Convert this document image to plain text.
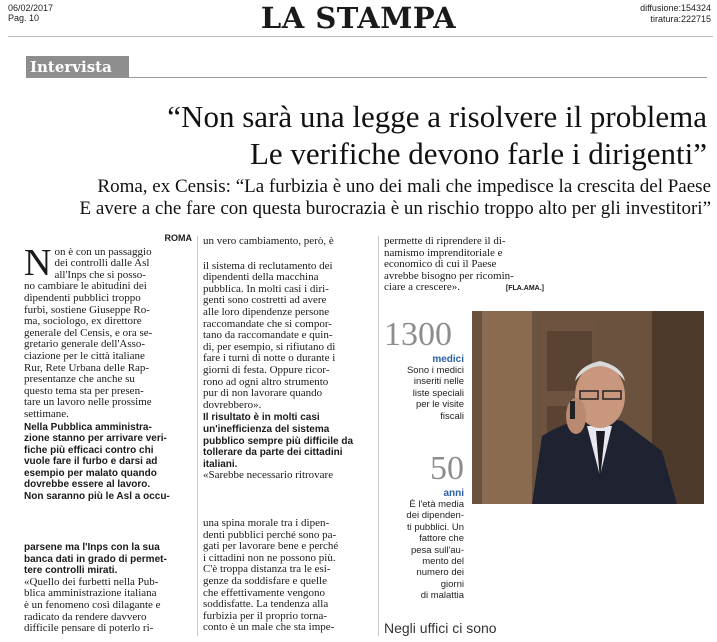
06/02/2017
Pag. 10	LA STAMPA	diffusione:154324
tiratura:222715
Intervista
“Non sarà una legge a risolvere il problema
Le verifiche devono farle i dirigenti”
Roma, ex Censis: “La furbizia è uno dei mali che impedisce la crescita del Paese
E avere a che fare con questa burocrazia è un rischio troppo alto per gli investitori”
ROMA
N on è con un passaggio
dei controlli dalle Asl
all'Inps che si posso-
no cambiare le abitudini dei
dipendenti pubblici troppo
furbi, sostiene Giuseppe Ro-
ma, sociologo, ex direttore
generale del Censis, e ora se-
gretario generale dell'Asso-
ciazione per le città italiane
Rur, Rete Urbana delle Rap-
presentanze che anche su
questo tema sta per presen-
tare un lavoro nelle prossime
settimane.
Nella Pubblica amministra-
zione stanno per arrivare veri-
fiche più efficaci contro chi
vuole fare il furbo e darsi ad
esempio per malato quando
dovrebbe essere al lavoro.
Non saranno più le Asl a occu-
parsene ma l'Inps con la sua
banca dati in grado di permet-
tere controlli mirati.
«Quello dei furbetti nella Pub-
blica amministrazione italiana
è un fenomeno così dilagante e
radicato da rendere davvero
difficile pensare di poterlo ri-
un vero cambiamento, però, è
il sistema di reclutamento dei
dipendenti della macchina
pubblica. In molti casi i diri-
genti sono costretti ad avere
alle loro dipendenze persone
raccomandate che si compor-
tano da raccomandate e quin-
di, per esempio, si rifiutano di
fare i turni di notte o durante i
giorni di festa. Oppure ricor-
rono ad ogni altro strumento
pur di non lavorare quando
dovrebbero».
Il risultato è in molti casi
un'inefficienza del sistema
pubblico sempre più difficile da
tollerare da parte dei cittadini
italiani.
«Sarebbe necessario ritrovare
una spina morale tra i dipen-
denti pubblici perché sono pa-
gati per lavorare bene e perché
i cittadini non ne possono più.
C'è troppa distanza tra le esi-
genze da soddisfare e quelle
che effettivamente vengono
soddisfatte. La tendenza alla
furbizia per il proprio torna-
conto è un male che sta impe-
permette di riprendere il di-
namismo imprenditoriale e
economico di cui il Paese
avrebbe bisogno per ricomin-
ciare a crescere».	[FLA.AMA.]
1300
medici
Sono i medici
inseriti nelle
liste speciali
per le visite
fiscali
50
anni
È l'età media
dei dipenden-
ti pubblici. Un
fattore che
pesa sull'au-
mento del
numero dei
giorni
di malattia
Negli uffici ci sono
